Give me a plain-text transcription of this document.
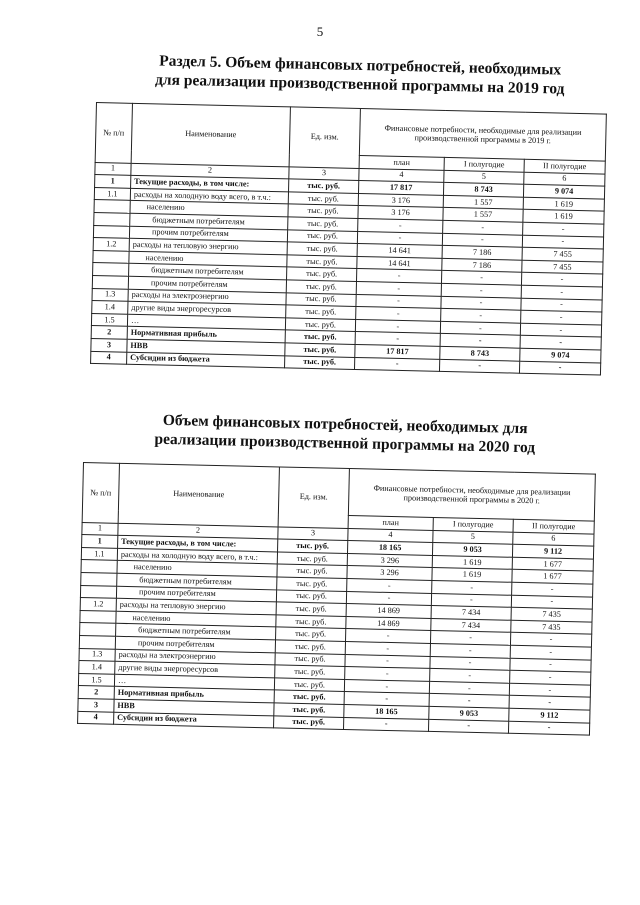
5
Раздел 5. Объем финансовых потребностей, необходимых для реализации производственной программы на 2019 год
№ п/п	Наименование	Ед. изм.	Финансовые потребности, необходимые для реализации производственной программы в 2019 г.		
			план	I полугодие	II полугодие
1	2	3	4	5	6
1	Текущие расходы, в том числе:	тыс. руб.	17 817	8 743	9 074
1.1	расходы на холодную воду всего, в т.ч.:	тыс. руб.	3 176	1 557	1 619
	населению	тыс. руб.	3 176	1 557	1 619
	бюджетным потребителям	тыс. руб.	-	-	-
	прочим потребителям	тыс. руб.	-	-	-
1.2	расходы на тепловую энергию	тыс. руб.	14 641	7 186	7 455
	населению	тыс. руб.	14 641	7 186	7 455
	бюджетным потребителям	тыс. руб.	-	-	-
	прочим потребителям	тыс. руб.	-	-	-
1.3	расходы на электроэнергию	тыс. руб.	-	-	-
1.4	другие виды энергоресурсов	тыс. руб.	-	-	-
1.5	…	тыс. руб.	-	-	-
2	Нормативная прибыль	тыс. руб.	-	-	-
3	НВВ	тыс. руб.	17 817	8 743	9 074
4	Субсидии из бюджета	тыс. руб.	-	-	-
Объем финансовых потребностей, необходимых для реализации производственной программы на 2020 год
№ п/п	Наименование	Ед. изм.	Финансовые потребности, необходимые для реализации производственной программы в 2020 г.		
			план	I полугодие	II полугодие
1	2	3	4	5	6
1	Текущие расходы, в том числе:	тыс. руб.	18 165	9 053	9 112
1.1	расходы на холодную воду всего, в т.ч.:	тыс. руб.	3 296	1 619	1 677
	населению	тыс. руб.	3 296	1 619	1 677
	бюджетным потребителям	тыс. руб.	-	-	-
	прочим потребителям	тыс. руб.	-	-	-
1.2	расходы на тепловую энергию	тыс. руб.	14 869	7 434	7 435
	населению	тыс. руб.	14 869	7 434	7 435
	бюджетным потребителям	тыс. руб.	-	-	-
	прочим потребителям	тыс. руб.	-	-	-
1.3	расходы на электроэнергию	тыс. руб.	-	-	-
1.4	другие виды энергоресурсов	тыс. руб.	-	-	-
1.5	…	тыс. руб.	-	-	-
2	Нормативная прибыль	тыс. руб.	-	-	-
3	НВВ	тыс. руб.	18 165	9 053	9 112
4	Субсидии из бюджета	тыс. руб.	-	-	-
